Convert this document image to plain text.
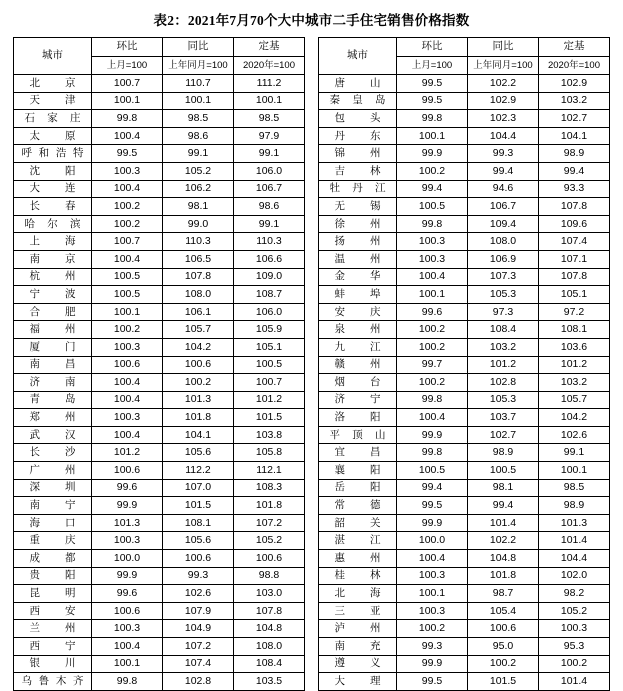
表2：2021年7月70个大中城市二手住宅销售价格指数
城市	环比	同比	定基		城市	环比	同比	定基
	上月=100	上年同月=100	2020年=100			上月=100	上年同月=100	2020年=100
北京	100.7	110.7	111.2		唐山	99.5	102.2	102.9
天津	100.1	100.1	100.1		秦皇岛	99.5	102.9	103.2
石家庄	99.8	98.5	98.5		包头	99.8	102.3	102.7
太原	100.4	98.6	97.9		丹东	100.1	104.4	104.1
呼和浩特	99.5	99.1	99.1		锦州	99.9	99.3	98.9
沈阳	100.3	105.2	106.0		吉林	100.2	99.4	99.4
大连	100.4	106.2	106.7		牡丹江	99.4	94.6	93.3
长春	100.2	98.1	98.6		无锡	100.5	106.7	107.8
哈尔滨	100.2	99.0	99.1		徐州	99.8	109.4	109.6
上海	100.7	110.3	110.3		扬州	100.3	108.0	107.4
南京	100.4	106.5	106.6		温州	100.3	106.9	107.1
杭州	100.5	107.8	109.0		金华	100.4	107.3	107.8
宁波	100.5	108.0	108.7		蚌埠	100.1	105.3	105.1
合肥	100.1	106.1	106.0		安庆	99.6	97.3	97.2
福州	100.2	105.7	105.9		泉州	100.2	108.4	108.1
厦门	100.3	104.2	105.1		九江	100.2	103.2	103.6
南昌	100.6	100.6	100.5		赣州	99.7	101.2	101.2
济南	100.4	100.2	100.7		烟台	100.2	102.8	103.2
青岛	100.4	101.3	101.2		济宁	99.8	105.3	105.7
郑州	100.3	101.8	101.5		洛阳	100.4	103.7	104.2
武汉	100.4	104.1	103.8		平顶山	99.9	102.7	102.6
长沙	101.2	105.6	105.8		宜昌	99.8	98.9	99.1
广州	100.6	112.2	112.1		襄阳	100.5	100.5	100.1
深圳	99.6	107.0	108.3		岳阳	99.4	98.1	98.5
南宁	99.9	101.5	101.8		常德	99.5	99.4	98.9
海口	101.3	108.1	107.2		韶关	99.9	101.4	101.3
重庆	100.3	105.6	105.2		湛江	100.0	102.2	101.4
成都	100.0	100.6	100.6		惠州	100.4	104.8	104.4
贵阳	99.9	99.3	98.8		桂林	100.3	101.8	102.0
昆明	99.6	102.6	103.0		北海	100.1	98.7	98.2
西安	100.6	107.9	107.8		三亚	100.3	105.4	105.2
兰州	100.3	104.9	104.8		泸州	100.2	100.6	100.3
西宁	100.4	107.2	108.0		南充	99.3	95.0	95.3
银川	100.1	107.4	108.4		遵义	99.9	100.2	100.2
乌鲁木齐	99.8	102.8	103.5		大理	99.5	101.5	101.4
